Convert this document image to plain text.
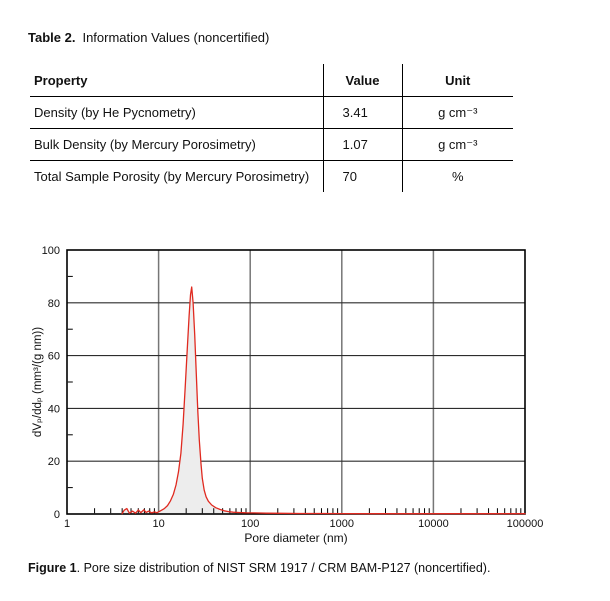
Table 2. Information Values (noncertified)
Property	Value	Unit
Density (by He Pycnometry)	3.41	g cm⁻³
Bulk Density (by Mercury Porosimetry)	1.07	g cm⁻³
Total Sample Porosity (by Mercury Porosimetry)	70	%
0
20
40
60
80
100
1	10	100	1000	10000	100000
Pore diameter (nm)
dVₚ/ddₚ (mm³/(g nm))
Figure 1. Pore size distribution of NIST SRM 1917 / CRM BAM-P127 (noncertified).
